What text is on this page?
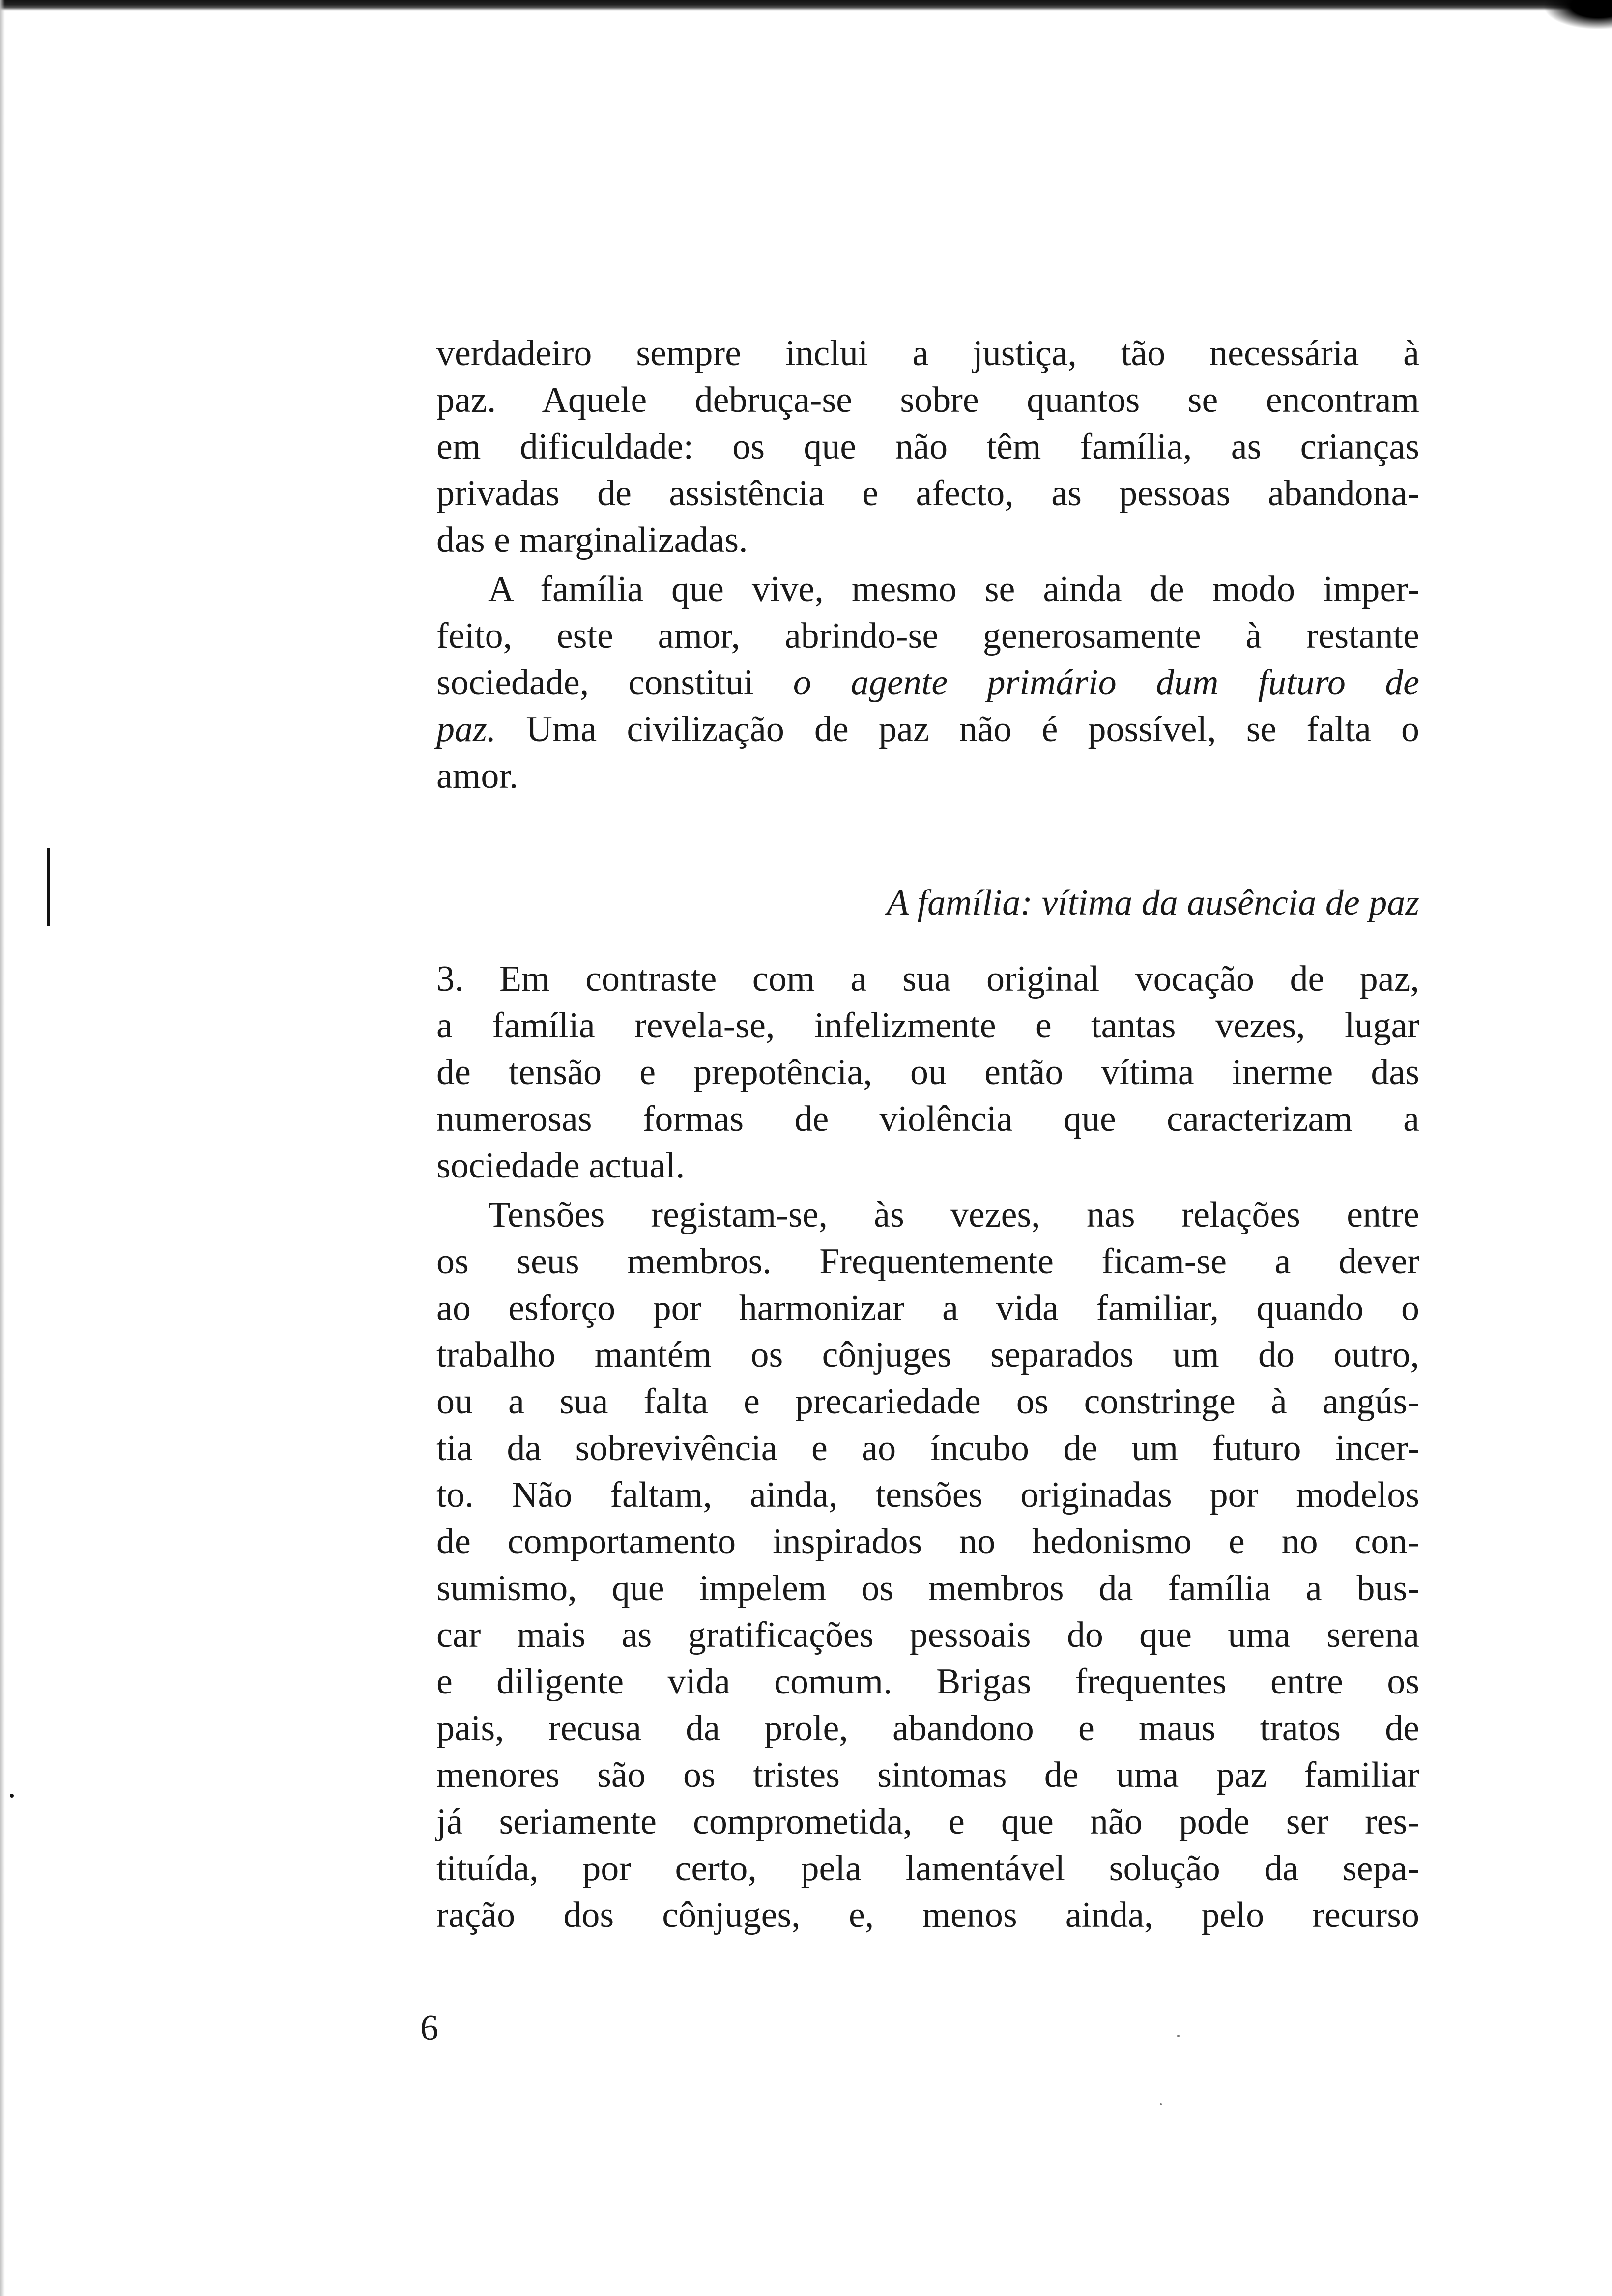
verdadeiro sempre inclui a justiça, tão necessária à
paz. Aquele debruça-se sobre quantos se encontram
em dificuldade: os que não têm família, as crianças
privadas de assistência e afecto, as pessoas abandona-
das e marginalizadas.
A família que vive, mesmo se ainda de modo imper-
feito, este amor, abrindo-se generosamente à restante
sociedade, constitui o agente primário dum futuro de
paz. Uma civilização de paz não é possível, se falta o
amor.
A família: vítima da ausência de paz
3. Em contraste com a sua original vocação de paz,
a família revela-se, infelizmente e tantas vezes, lugar
de tensão e prepotência, ou então vítima inerme das
numerosas formas de violência que caracterizam a
sociedade actual.
Tensões registam-se, às vezes, nas relações entre
os seus membros. Frequentemente ficam-se a dever
ao esforço por harmonizar a vida familiar, quando o
trabalho mantém os cônjuges separados um do outro,
ou a sua falta e precariedade os constringe à angús-
tia da sobrevivência e ao íncubo de um futuro incer-
to. Não faltam, ainda, tensões originadas por modelos
de comportamento inspirados no hedonismo e no con-
sumismo, que impelem os membros da família a bus-
car mais as gratificações pessoais do que uma serena
e diligente vida comum. Brigas frequentes entre os
pais, recusa da prole, abandono e maus tratos de
menores são os tristes sintomas de uma paz familiar
já seriamente comprometida, e que não pode ser res-
tituída, por certo, pela lamentável solução da sepa-
ração dos cônjuges, e, menos ainda, pelo recurso
6
